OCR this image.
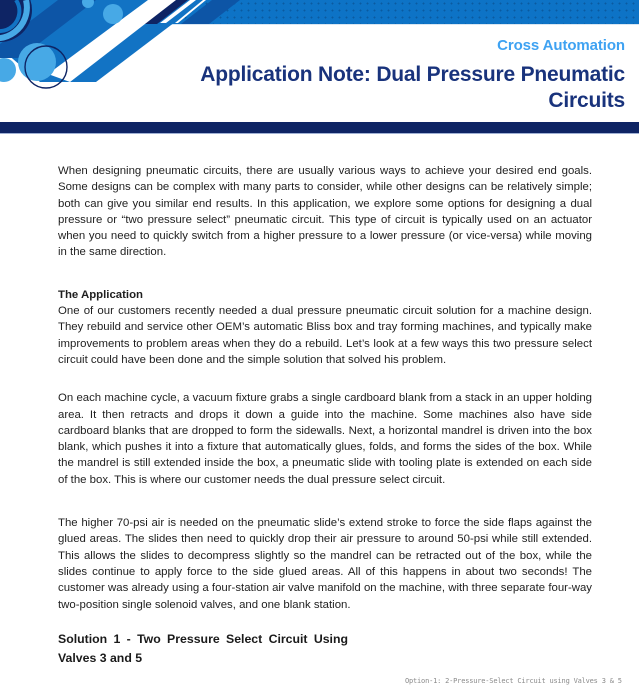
Cross Automation
Application Note: Dual Pressure Pneumatic
Circuits

When designing pneumatic circuits, there are usually various ways to achieve your desired end goals. Some designs can be complex with many parts to consider, while other designs can be relatively simple; both can give you similar end results. In this application, we explore some options for designing a dual pressure or “two pressure select” pneumatic circuit. This type of circuit is typically used on an actuator when you need to quickly switch from a higher pressure to a lower pressure (or vice-versa) while moving in the same direction.

The Application

One of our customers recently needed a dual pressure pneumatic circuit solution for a machine design. They rebuild and service other OEM’s automatic Bliss box and tray forming machines, and typically make improvements to problem areas when they do a rebuild. Let’s look at a few ways this two pressure select circuit could have been done and the simple solution that solved his problem.

On each machine cycle, a vacuum fixture grabs a single cardboard blank from a stack in an upper holding area. It then retracts and drops it down a guide into the machine. Some machines also have side cardboard blanks that are dropped to form the sidewalls. Next, a horizontal mandrel is driven into the box blank, which pushes it into a fixture that automatically glues, folds, and forms the sides of the box. While the mandrel is still extended inside the box, a pneumatic slide with tooling plate is extended on each side of the box. This is where our customer needs the dual pressure select circuit.

The higher 70-psi air is needed on the pneumatic slide’s extend stroke to force the side flaps against the glued areas. The slides then need to quickly drop their air pressure to around 50-psi while still extended. This allows the slides to decompress slightly so the mandrel can be retracted out of the box, while the slides continue to apply force to the side glued areas. All of this happens in about two seconds! The customer was already using a four-station air valve manifold on the machine, with three separate four-way two-position single solenoid valves, and one blank station.

Solution 1 - Two Pressure Select Circuit Using
Valves 3 and 5
Option-1: 2-Pressure-Select Circuit using Valves 3 & 5
